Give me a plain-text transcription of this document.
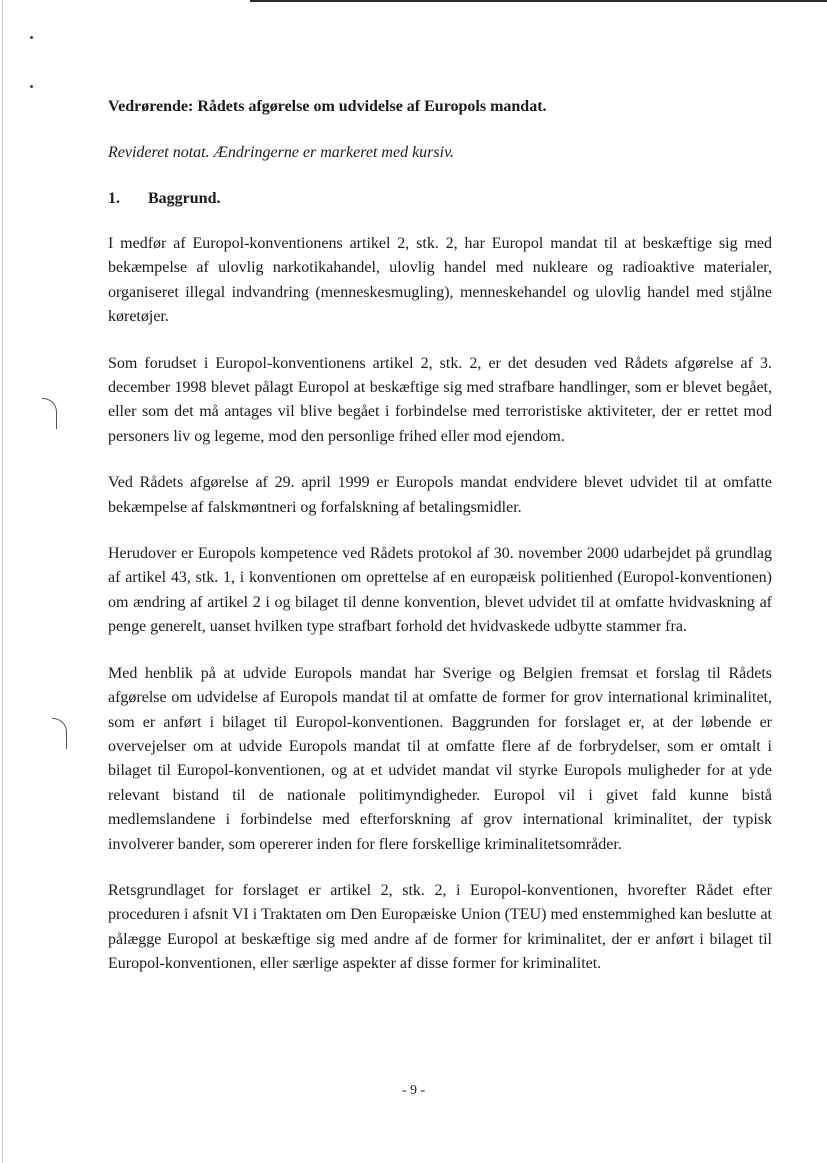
Vedrørende: Rådets afgørelse om udvidelse af Europols mandat.
Revideret notat. Ændringerne er markeret med kursiv.
1.	Baggrund.

I medfør af Europol-konventionens artikel 2, stk. 2, har Europol mandat til at beskæftige sig med bekæmpelse af ulovlig narkotikahandel, ulovlig handel med nukleare og radioaktive materialer, organiseret illegal indvandring (menneskesmugling), menneskehandel og ulovlig handel med stjålne køretøjer.

Som forudset i Europol-konventionens artikel 2, stk. 2, er det desuden ved Rådets afgørelse af 3. december 1998 blevet pålagt Europol at beskæftige sig med strafbare handlinger, som er blevet begået, eller som det må antages vil blive begået i forbindelse med terroristiske aktiviteter, der er rettet mod personers liv og legeme, mod den personlige frihed eller mod ejendom.

Ved Rådets afgørelse af 29. april 1999 er Europols mandat endvidere blevet udvidet til at omfatte bekæmpelse af falskmøntneri og forfalskning af betalingsmidler.

Herudover er Europols kompetence ved Rådets protokol af 30. november 2000 udarbejdet på grundlag af artikel 43, stk. 1, i konventionen om oprettelse af en europæisk politienhed (Europol-konventionen) om ændring af artikel 2 i og bilaget til denne konvention, blevet udvidet til at omfatte hvidvaskning af penge generelt, uanset hvilken type strafbart forhold det hvidvaskede udbytte stammer fra.

Med henblik på at udvide Europols mandat har Sverige og Belgien fremsat et forslag til Rådets afgørelse om udvidelse af Europols mandat til at omfatte de former for grov international kriminalitet, som er anført i bilaget til Europol-konventionen. Baggrunden for forslaget er, at der løbende er overvejelser om at udvide Europols mandat til at omfatte flere af de forbrydelser, som er omtalt i bilaget til Europol-konventionen, og at et udvidet mandat vil styrke Europols muligheder for at yde relevant bistand til de nationale politimyndigheder. Europol vil i givet fald kunne bistå medlemslandene i forbindelse med efterforskning af grov international kriminalitet, der typisk involverer bander, som opererer inden for flere forskellige kriminalitetsområder.

Retsgrundlaget for forslaget er artikel 2, stk. 2, i Europol-konventionen, hvorefter Rådet efter proceduren i afsnit VI i Traktaten om Den Europæiske Union (TEU) med enstemmighed kan beslutte at pålægge Europol at beskæftige sig med andre af de former for kriminalitet, der er anført i bilaget til Europol-konventionen, eller særlige aspekter af disse former for kriminalitet.

- 9 -
